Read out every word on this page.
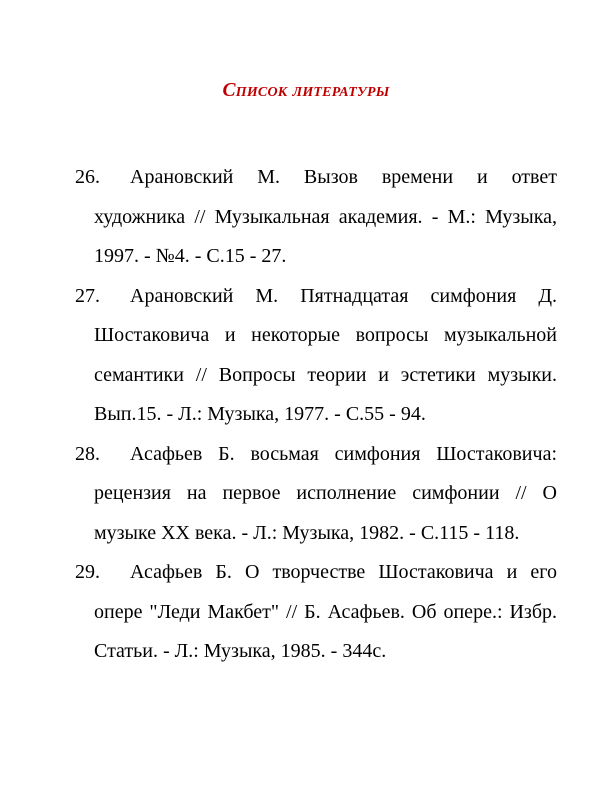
Список литературы
26.	Арановский М. Вызов времени и ответ художника // Музыкальная академия. - М.: Музыка, 1997. - №4. - С.15 - 27.
27.	Арановский М. Пятнадцатая симфония Д. Шостаковича и некоторые вопросы музыкальной семантики // Вопросы теории и эстетики музыки. Вып.15. - Л.: Музыка, 1977. - С.55 - 94.
28.	Асафьев Б. восьмая симфония Шостаковича: рецензия на первое исполнение симфонии // О музыке ХХ века. - Л.: Музыка, 1982. - С.115 - 118.
29.	Асафьев Б. О творчестве Шостаковича и его опере "Леди Макбет" // Б. Асафьев. Об опере.: Избр. Статьи. - Л.: Музыка, 1985. - 344с.
